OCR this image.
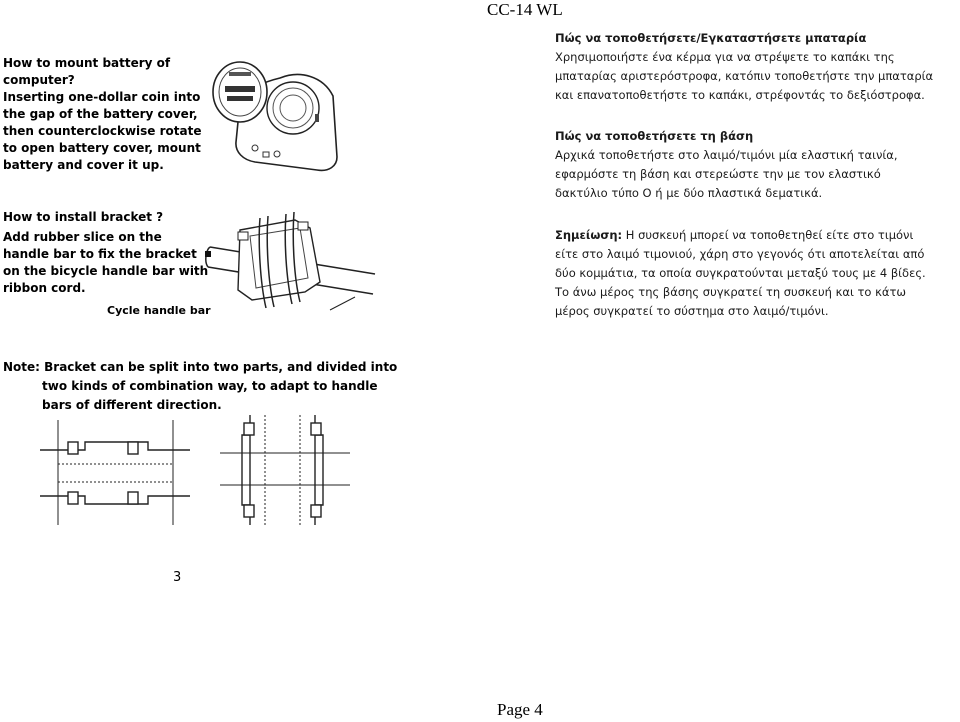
CC-14 WL
How to mount battery of
computer?
Inserting one-dollar coin into
the gap of the battery cover,
then counterclockwise rotate
to open battery cover, mount
battery and cover it up.
How to install bracket ?
Add rubber slice on the
handle bar to fix the bracket
on the bicycle handle bar with
ribbon cord.
Cycle handle bar

Πώς να τοποθετήσετε/Εγκαταστήσετε μπαταρία

Χρησιμοποιήστε ένα κέρμα για να στρέψετε το καπάκι της

μπαταρίας αριστερόστροφα, κατόπιν τοποθετήστε την μπαταρία

και επανατοποθετήστε το καπάκι, στρέφοντάς το δεξιόστροφα.

Πώς να τοποθετήσετε τη βάση

Αρχικά τοποθετήστε στο λαιμό/τιμόνι μία ελαστική ταινία,

εφαρμόστε τη βάση και στερεώστε την με τον ελαστικό

δακτύλιο τύπο Ο ή με δύο πλαστικά δεματικά.

Σημείωση: Η συσκευή μπορεί να τοποθετηθεί είτε στο τιμόνι

είτε στο λαιμό τιμονιού, χάρη στο γεγονός ότι αποτελείται από

δύο κομμάτια, τα οποία συγκρατούνται μεταξύ τους με 4 βίδες.

Το άνω μέρος της βάσης συγκρατεί τη συσκευή και το κάτω

μέρος συγκρατεί το σύστημα στο λαιμό/τιμόνι.

Note: Bracket can be split into two parts, and divided into
two kinds of combination way, to adapt to handle
bars of different direction.
3
Page 4
